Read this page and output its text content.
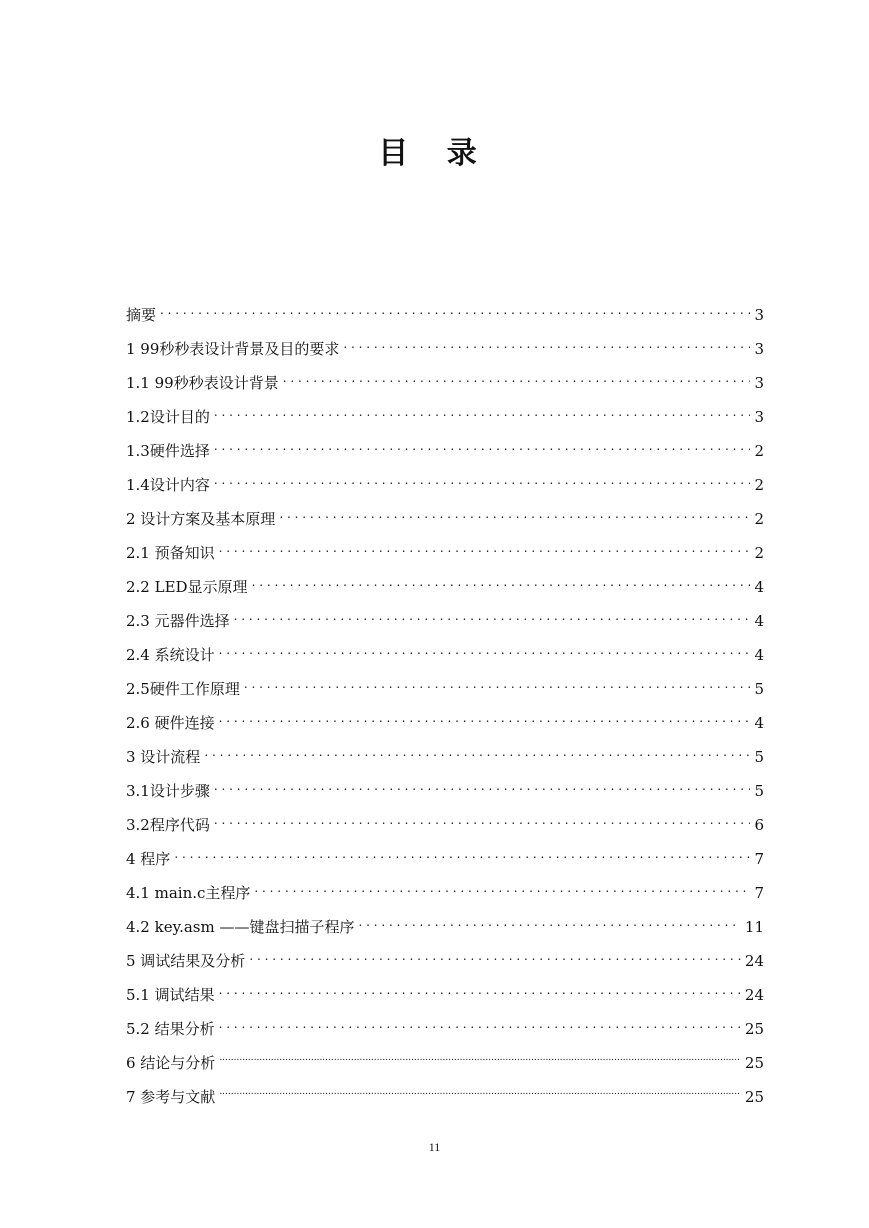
目 录
摘要 . . .	3
1 99秒秒表设计背景及目的要求 . . .	3
1.1 99秒秒表设计背景 . . .	3
1.2设计目的 . . .	3
1.3硬件选择 . . .	2
1.4设计内容 . . .	2
2 设计方案及基本原理 . . .	2
2.1 预备知识 . . .	2
2.2 LED显示原理 . . .	4
2.3 元器件选择 . . .	4
2.4 系统设计 . . .	4
2.5硬件工作原理 . . .	5
2.6 硬件连接 . . .	4
3 设计流程 . . .	5
3.1设计步骤 . . .	5
3.2程序代码 . . .	6
4 程序 . . .	7
4.1 main.c主程序 . . .	7
4.2 key.asm ——键盘扫描子程序 . . .	11
5 调试结果及分析 . . .	24
5.1 调试结果 . . .	24
5.2 结果分析 . . .	25
6 结论与分析 .....	25
7 参考与文献 .....	25
11
